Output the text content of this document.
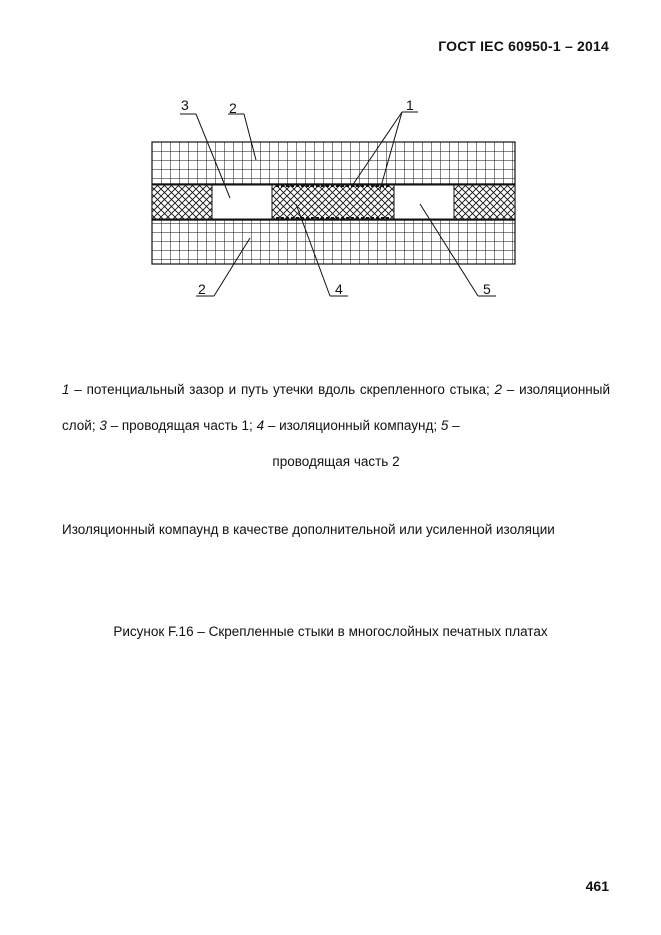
ГОСТ IEC 60950-1 – 2014
3	2	1
2	4	5
1 – потенциальный зазор и путь утечки вдоль скрепленного стыка; 2 – изоляционный слой; 3 – проводящая часть 1; 4 – изоляционный компаунд; 5 –
проводящая часть 2
Изоляционный компаунд в качестве дополнительной или усиленной изоляции
Рисунок F.16 – Скрепленные стыки в многослойных печатных платах
461
